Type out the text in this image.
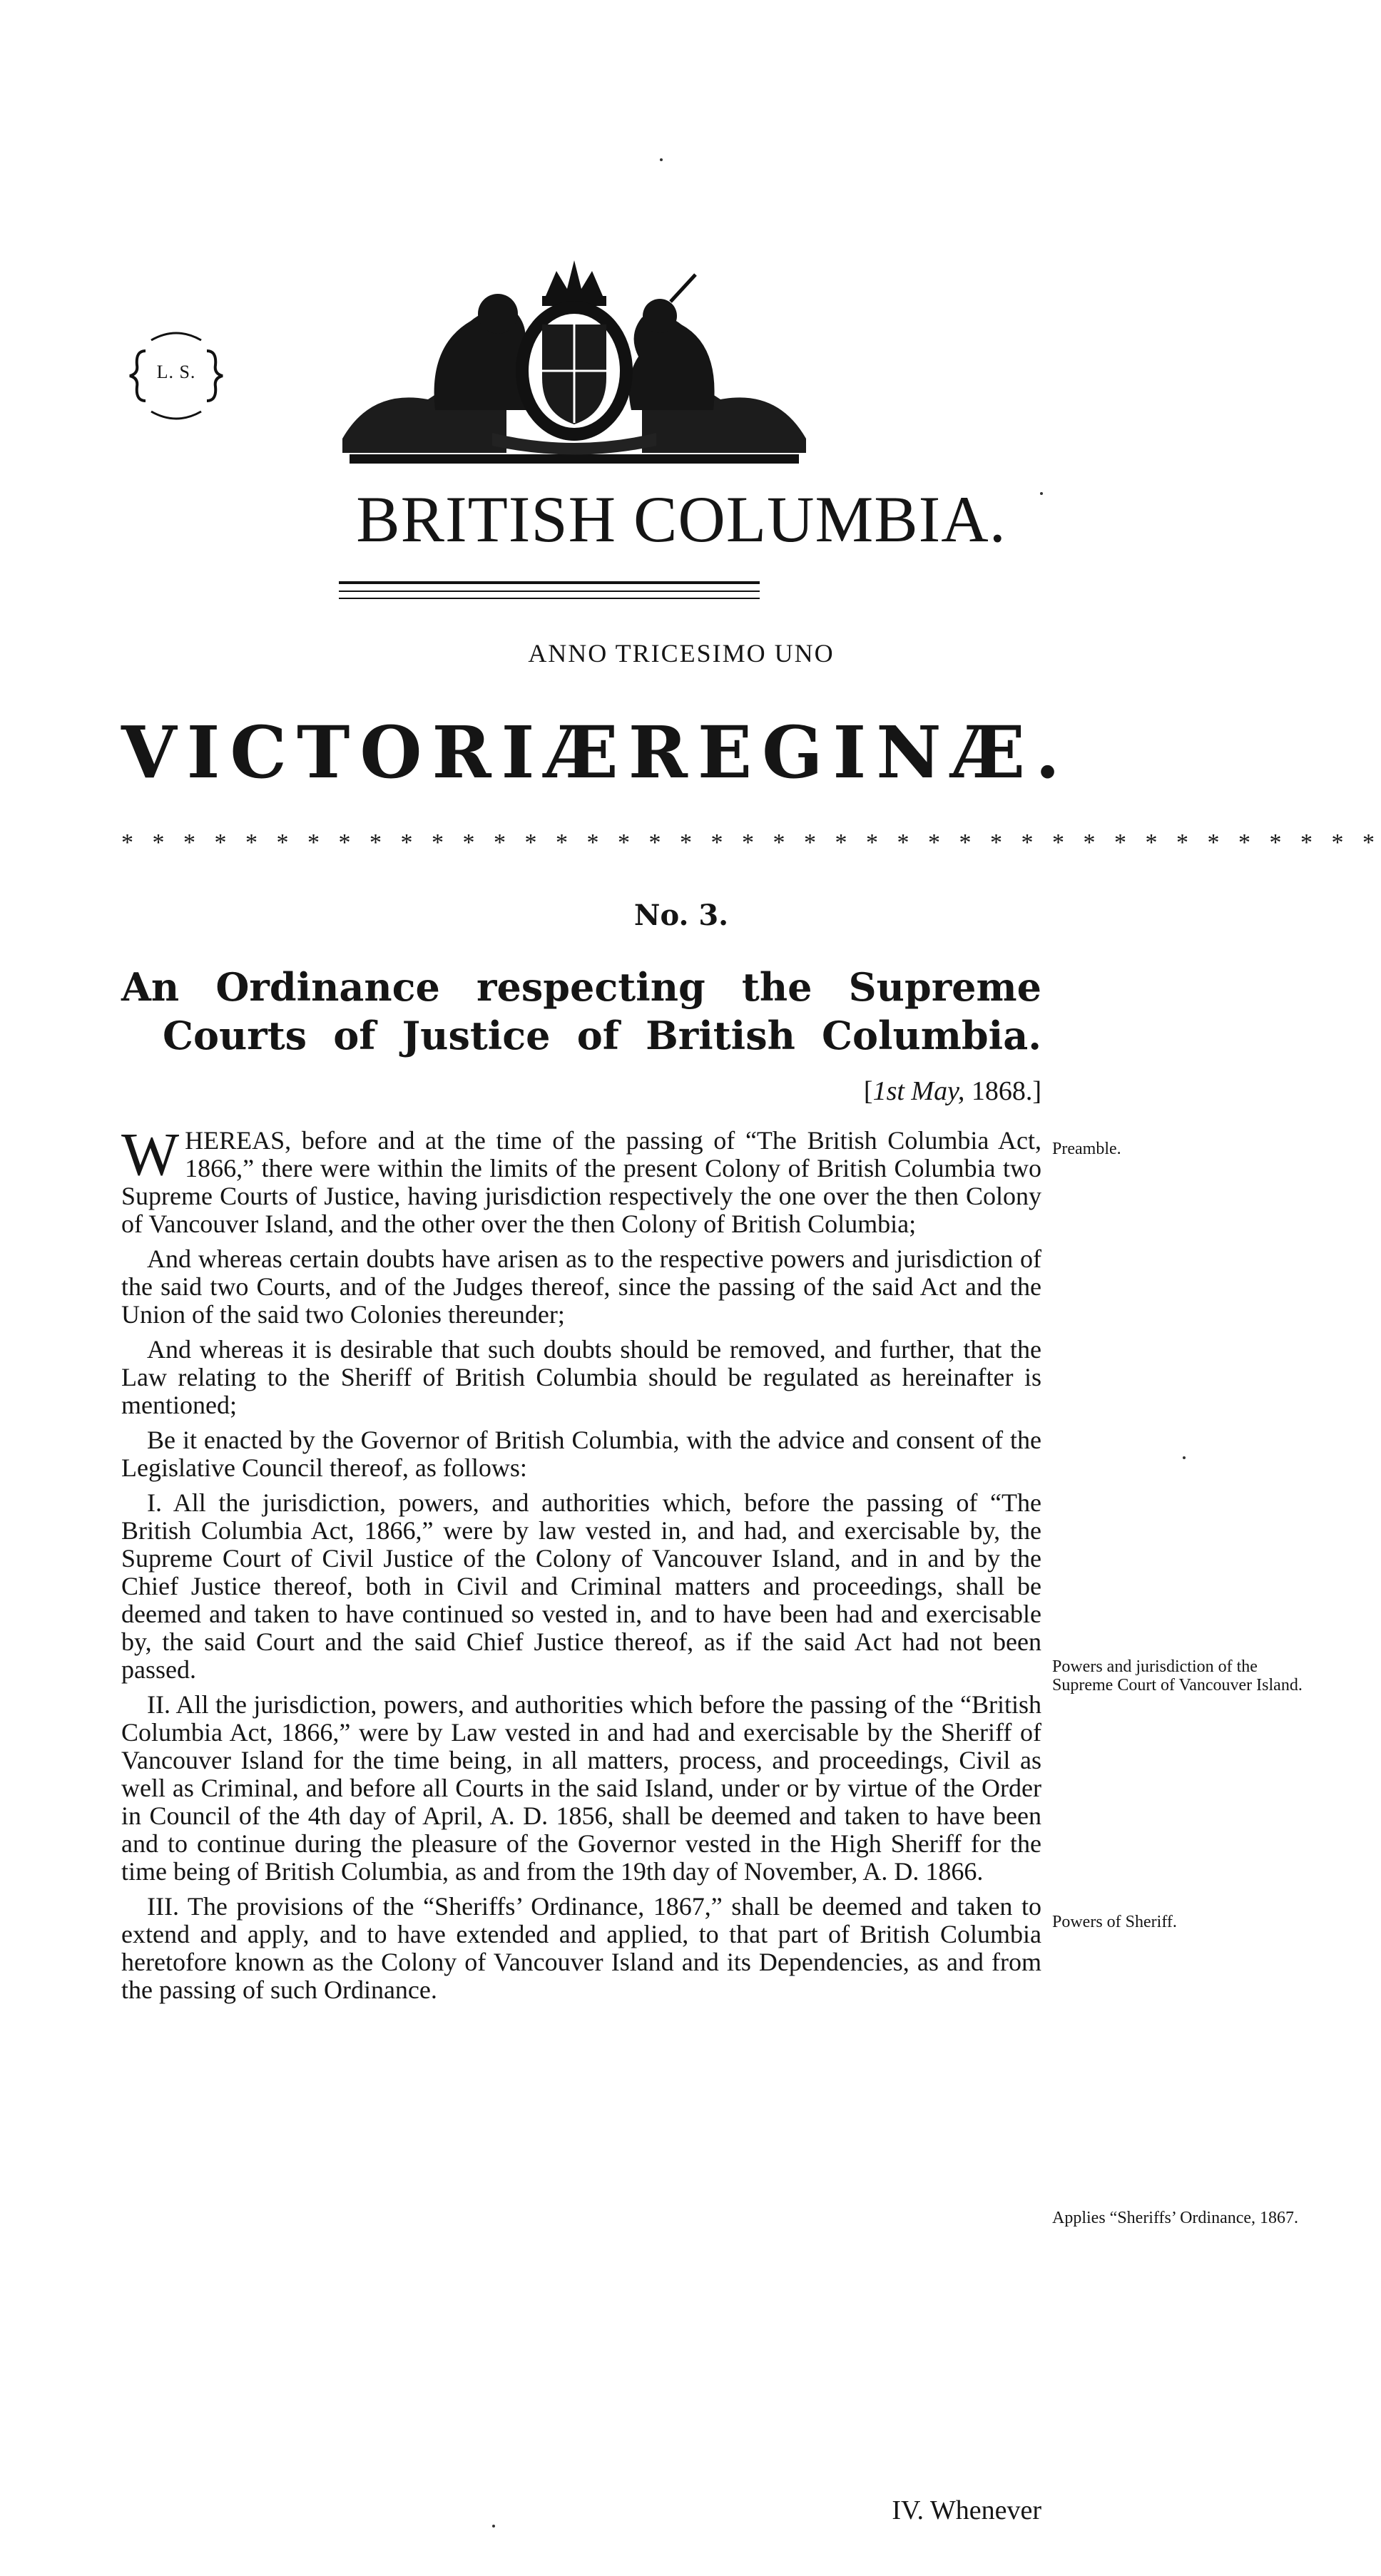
L. S.
BRITISH COLUMBIA.
ANNO TRICESIMO UNO
VICTORIÆ REGINÆ.
* * * * * * * * * * * * * * * * * * * * * * * * * * * * * * * * * * * * * * * * *
No. 3.
An Ordinance respecting the Supreme
Courts of Justice of British Columbia.
[1st May, 1868.]

WHEREAS, before and at the time of the passing of “The British Columbia Act, 1866,” there were within the limits of the present Colony of British Columbia two Supreme Courts of Justice, having jurisdiction respectively the one over the then Colony of Vancouver Island, and the other over the then Colony of British Columbia;

And whereas certain doubts have arisen as to the respective powers and jurisdiction of the said two Courts, and of the Judges thereof, since the passing of the said Act and the Union of the said two Colonies thereunder;

And whereas it is desirable that such doubts should be removed, and further, that the Law relating to the Sheriff of British Columbia should be regulated as hereinafter is mentioned;

Be it enacted by the Governor of British Columbia, with the advice and consent of the Legislative Council thereof, as follows:

I. All the jurisdiction, powers, and authorities which, before the passing of “The British Columbia Act, 1866,” were by law vested in, and had, and exercisable by, the Supreme Court of Civil Justice of the Colony of Vancouver Island, and in and by the Chief Justice thereof, both in Civil and Criminal matters and proceedings, shall be deemed and taken to have continued so vested in, and to have been had and exercisable by, the said Court and the said Chief Justice thereof, as if the said Act had not been passed.

II. All the jurisdiction, powers, and authorities which before the passing of the “British Columbia Act, 1866,” were by Law vested in and had and exercisable by the Sheriff of Vancouver Island for the time being, in all matters, process, and proceedings, Civil as well as Criminal, and before all Courts in the said Island, under or by virtue of the Order in Council of the 4th day of April, A. D. 1856, shall be deemed and taken to have been and to continue during the pleasure of the Governor vested in the High Sheriff for the time being of British Columbia, as and from the 19th day of November, A. D. 1866.

III. The provisions of the “Sheriffs’ Ordinance, 1867,” shall be deemed and taken to extend and apply, and to have extended and applied, to that part of British Columbia heretofore known as the Colony of Vancouver Island and its Dependencies, as and from the passing of such Ordinance.

Preamble.
Powers and jurisdiction of the Supreme Court of Vancouver Island.
Powers of Sheriff.
Applies “Sheriffs’ Ordinance, 1867.
IV. Whenever
